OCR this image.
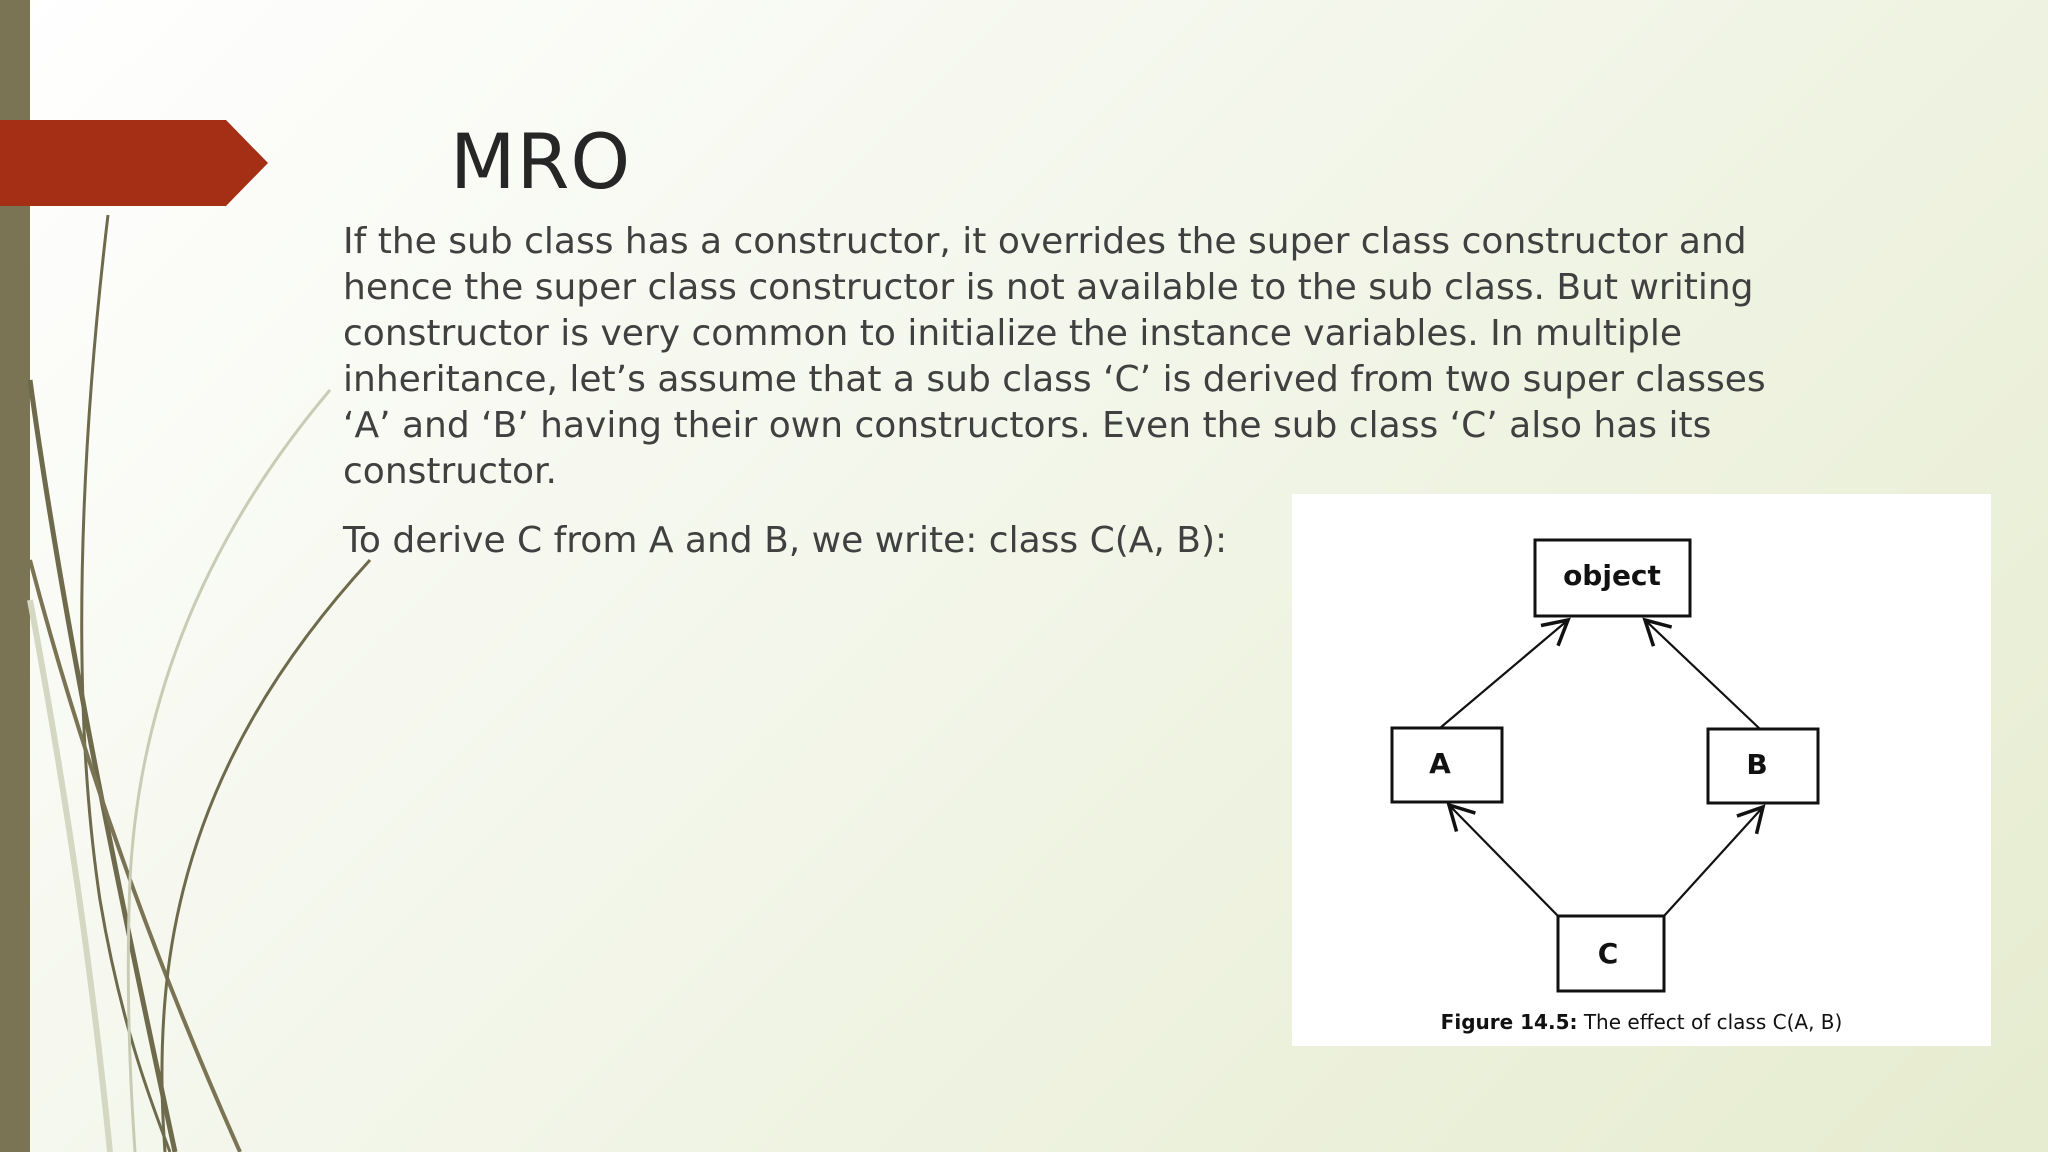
MRO

If the sub class has a constructor, it overrides the super class constructor and hence the super class constructor is not available to the sub class. But writing constructor is very common to initialize the instance variables. In multiple inheritance, let’s assume that a sub class ‘C’ is derived from two super classes ‘A’ and ‘B’ having their own constructors. Even the sub class ‘C’ also has its constructor.

To derive C from A and B, we write: class C(A, B):

object
A	B
C
Figure 14.5: The effect of class C(A, B)
